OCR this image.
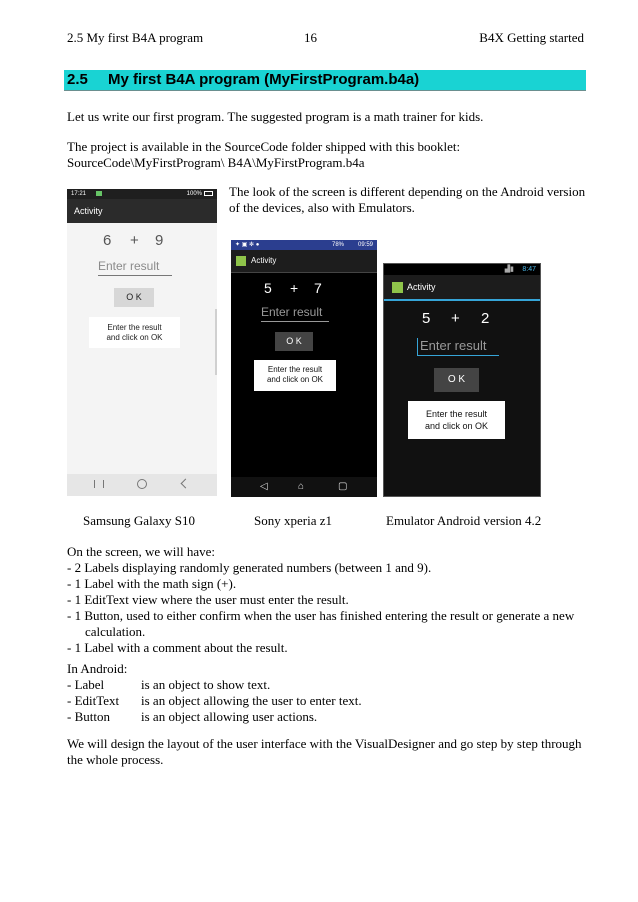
2.5 My first B4A program	16	B4X Getting started
2.5 My first B4A program (MyFirstProgram.b4a)
Let us write our first program. The suggested program is a math trainer for kids.
The project is available in the SourceCode folder shipped with this booklet:
SourceCode\MyFirstProgram\ B4A\MyFirstProgram.b4a
The look of the screen is different depending on the Android version
of the devices, also with Emulators.
17:21	100%
Activity
6 + 9
Enter result
O K
Enter the result
and click on OK
✦ ▣ ✻ ●	78% 09:59
Activity
5 + 7
Enter result
O K
Enter the result
and click on OK
◁	⌂	▢
▟▮ 8:47
Activity
5 + 2
Enter result
O K
Enter the result
and click on OK
Samsung Galaxy S10	Sony xperia z1	Emulator Android version 4.2
On the screen, we will have:
- 2 Labels displaying randomly generated numbers (between 1 and 9).
- 1 Label with the math sign (+).
- 1 EditText view where the user must enter the result.
- 1 Button, used to either confirm when the user has finished entering the result or generate a new
calculation.
- 1 Label with a comment about the result.
In Android:
- Label	is an object to show text.
- EditText	is an object allowing the user to enter text.
- Button	is an object allowing user actions.
We will design the layout of the user interface with the VisualDesigner and go step by step through
the whole process.
